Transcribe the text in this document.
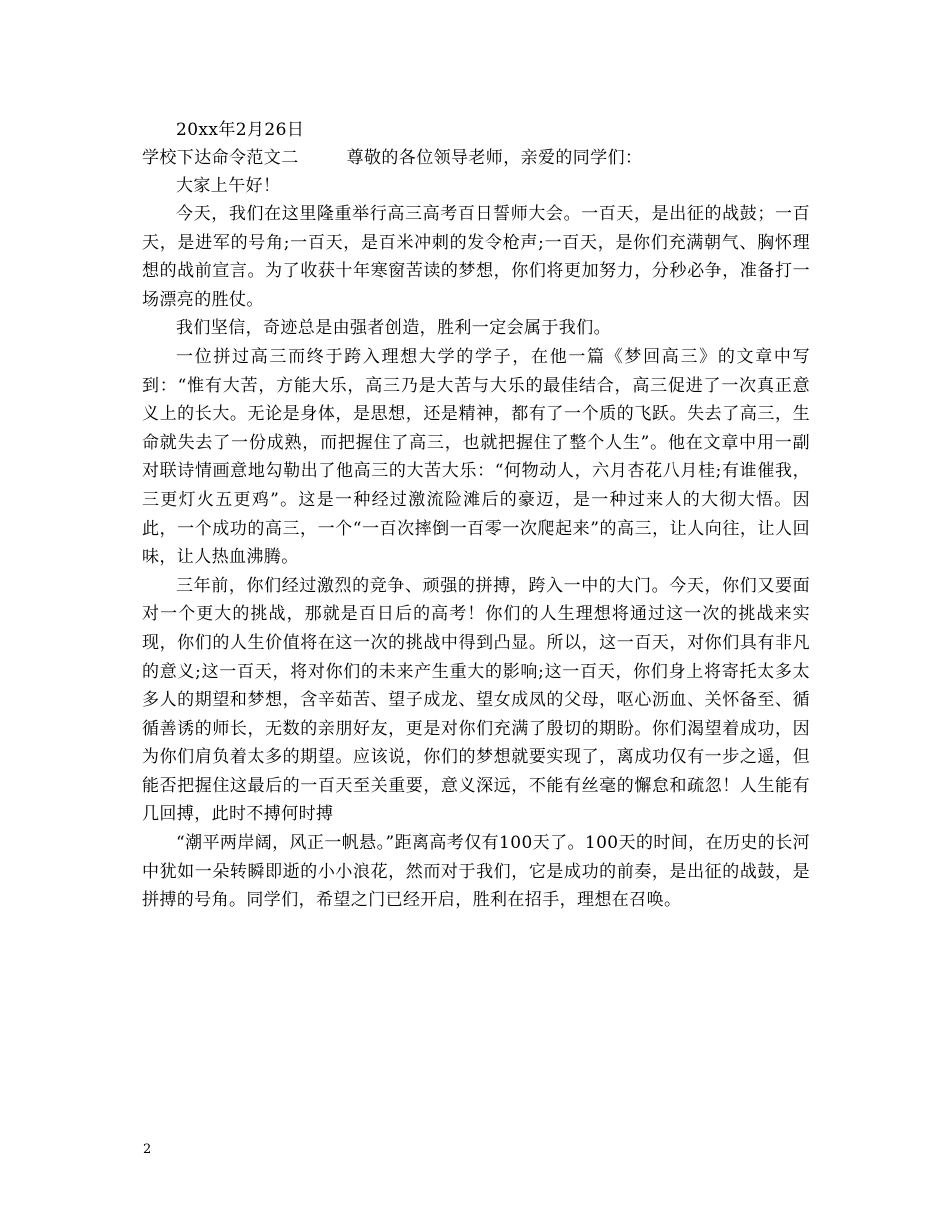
20xx年2月26日
学校下达命令范文二	尊敬的各位领导老师，亲爱的同学们：
大家上午好！

今天，我们在这里隆重举行高三高考百日誓师大会。一百天，是出征的战鼓；一百天，是进军的号角;一百天，是百米冲刺的发令枪声;一百天，是你们充满朝气、胸怀理想的战前宣言。为了收获十年寒窗苦读的梦想，你们将更加努力，分秒必争，准备打一场漂亮的胜仗。

我们坚信，奇迹总是由强者创造，胜利一定会属于我们。

一位拼过高三而终于跨入理想大学的学子，在他一篇《梦回高三》的文章中写到：“惟有大苦，方能大乐，高三乃是大苦与大乐的最佳结合，高三促进了一次真正意义上的长大。无论是身体，是思想，还是精神，都有了一个质的飞跃。失去了高三，生命就失去了一份成熟，而把握住了高三，也就把握住了整个人生”。他在文章中用一副对联诗情画意地勾勒出了他高三的大苦大乐：“何物动人，六月杏花八月桂;有谁催我，三更灯火五更鸡”。这是一种经过激流险滩后的豪迈，是一种过来人的大彻大悟。因此，一个成功的高三，一个“一百次摔倒一百零一次爬起来”的高三，让人向往，让人回味，让人热血沸腾。

三年前，你们经过激烈的竞争、顽强的拼搏，跨入一中的大门。今天，你们又要面对一个更大的挑战，那就是百日后的高考！你们的人生理想将通过这一次的挑战来实现，你们的人生价值将在这一次的挑战中得到凸显。所以，这一百天，对你们具有非凡的意义;这一百天，将对你们的未来产生重大的影响;这一百天，你们身上将寄托太多太多人的期望和梦想，含辛茹苦、望子成龙、望女成凤的父母，呕心沥血、关怀备至、循循善诱的师长，无数的亲朋好友，更是对你们充满了殷切的期盼。你们渴望着成功，因为你们肩负着太多的期望。应该说，你们的梦想就要实现了，离成功仅有一步之遥，但能否把握住这最后的一百天至关重要，意义深远，不能有丝毫的懈怠和疏忽！人生能有几回搏，此时不搏何时搏

“潮平两岸阔，风正一帆悬。”距离高考仅有100天了。100天的时间，在历史的长河中犹如一朵转瞬即逝的小小浪花，然而对于我们，它是成功的前奏，是出征的战鼓，是拼搏的号角。同学们，希望之门已经开启，胜利在招手，理想在召唤。

2
